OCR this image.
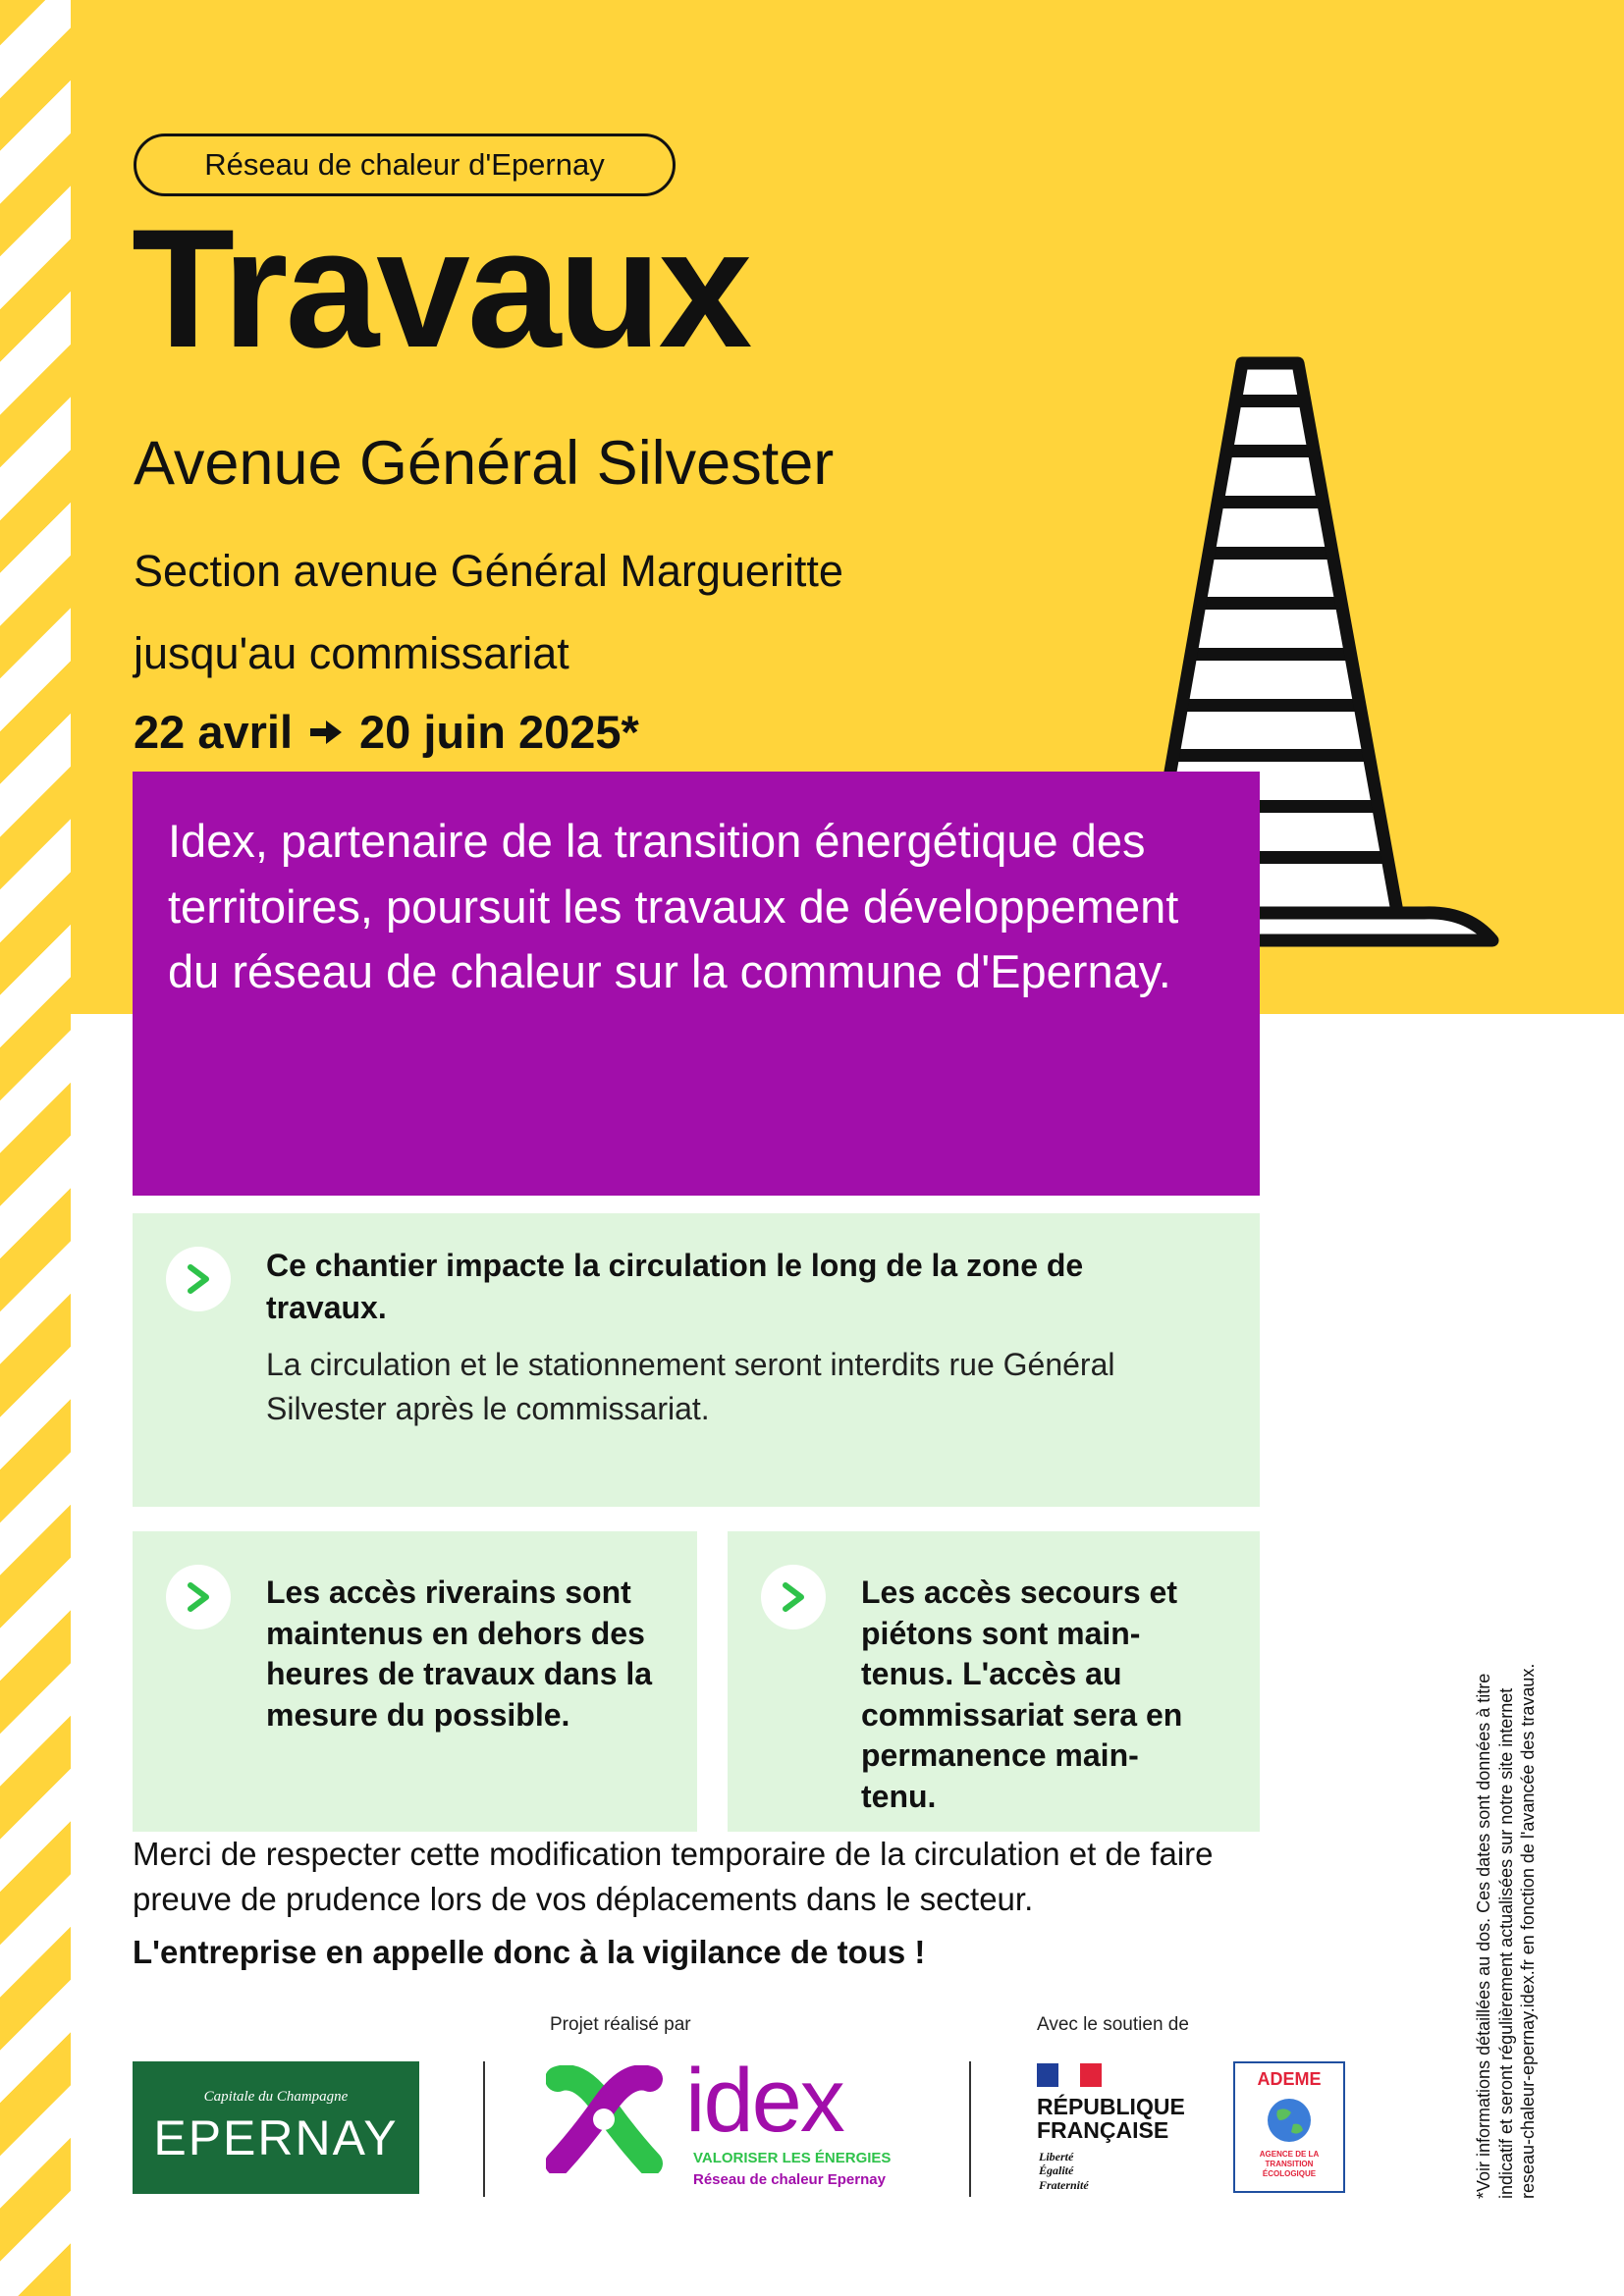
Réseau de chaleur d'Epernay
Travaux
Avenue Général Silvester
Section avenue Général Margueritte
jusqu'au commissariat
22 avril 20 juin 2025*
Idex, partenaire de la transition énergétique des territoires, poursuit les travaux de développement du réseau de chaleur sur la commune d'Epernay.
Ce chantier impacte la circulation le long de la zone de travaux.
La circulation et le stationnement seront interdits rue Général Silvester après le commissariat.
Les accès riverains sont maintenus en dehors des heures de travaux dans la mesure du possible.
Les accès secours et piétons sont main-tenus. L'accès au commissariat sera en permanence main-tenu.
Merci de respecter cette modification temporaire de la circulation et de faire preuve de prudence lors de vos déplacements dans le secteur.
L'entreprise en appelle donc à la vigilance de tous !
Projet réalisé par	Avec le soutien de
Capitale du Champagne
EPERNAY	idex
VALORISER LES ÉNERGIES
Réseau de chaleur Epernay
RÉPUBLIQUE
FRANÇAISE
Liberté
Égalité
Fraternité
ADEME
AGENCE DE LA TRANSITION ÉCOLOGIQUE	*Voir informations détaillées au dos. Ces dates sont données à titre indicatif et seront régulièrement actualisées sur notre site internet reseau-chaleur-epernay.idex.fr en fonction de l'avancée des travaux.
